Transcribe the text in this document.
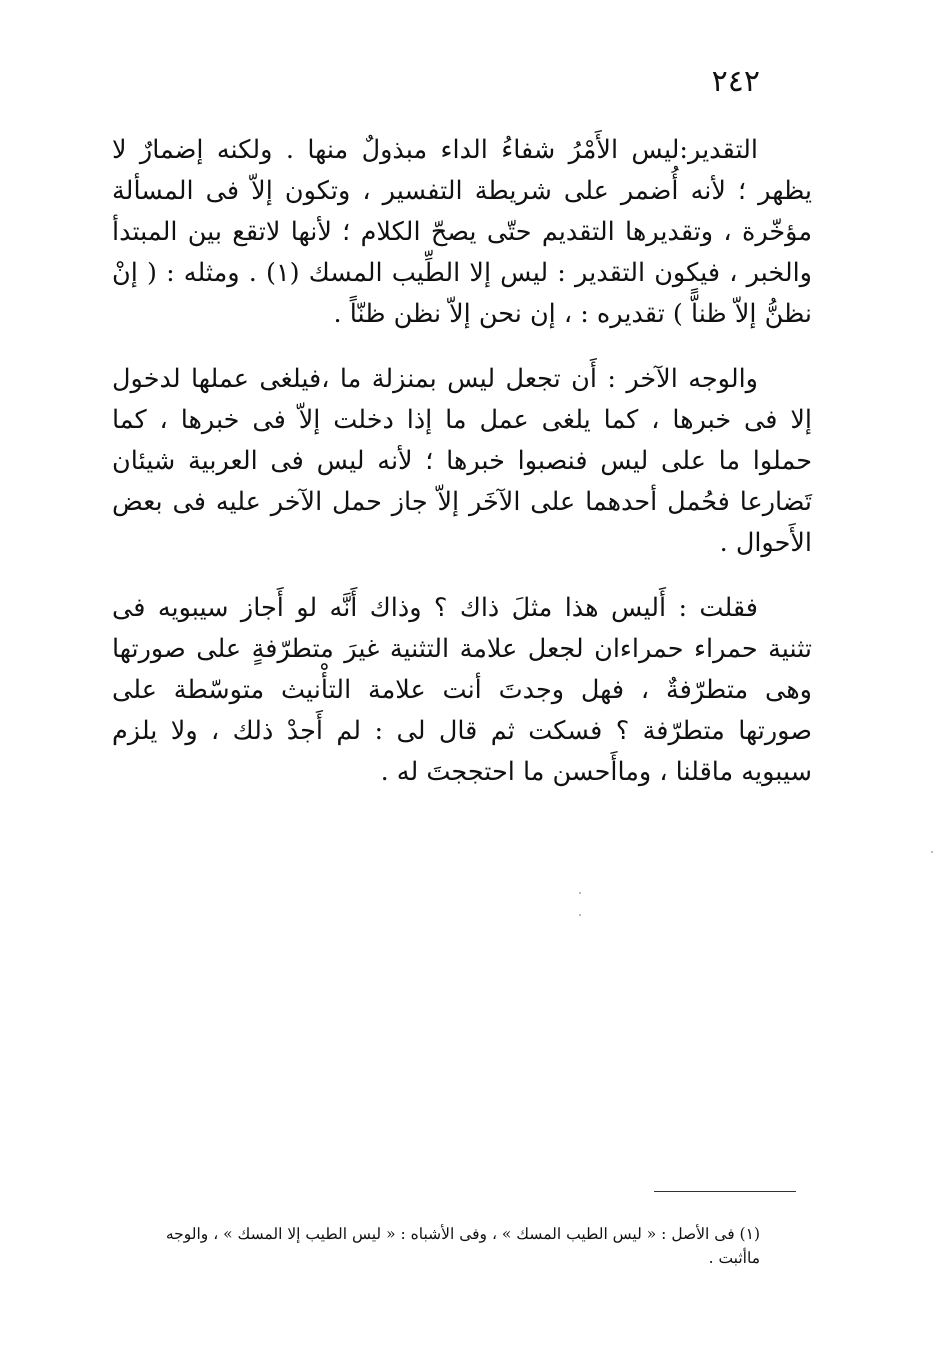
٢٤٢

التقدير:ليس الأَمْرُ شفاءُ الداء مبذولٌ منها . ولكنه إضمارٌ لا يظهر ؛ لأنه أُضمر على شريطة التفسير ، وتكون إلاّ فى المسألة مؤخّرة ، وتقديرها التقديم حتّى يصحّ الكلام ؛ لأنها لاتقع بين المبتدأ والخبر ، فيكون التقدير : ليس إلا الطِّيب المسك (١) . ومثله : ( إنْ نظنُّ إلاّ ظناًّ ) تقديره : ، إن نحن إلاّ نظن ظنّاً .

والوجه الآخر : أَن تجعل ليس بمنزلة ما ،فيلغى عملها لدخول إلا فى خبرها ، كما يلغى عمل ما إذا دخلت إلاّ فى خبرها ، كما حملوا ما على ليس فنصبوا خبرها ؛ لأنه ليس فى العربية شيئان تَضارعا فحُمل أحدهما على الآخَر إلاّ جاز حمل الآخر عليه فى بعض الأَحوال .

فقلت : أَليس هذا مثلَ ذاك ؟ وذاك أَنَّه لو أَجاز سيبويه فى تثنية حمراء حمراءان لجعل علامة التثنية غيرَ متطرّفةٍ على صورتها وهى متطرّفةٌ ، فهل وجدتَ أنت علامة التأْنيث متوسّطة على صورتها متطرّفة ؟ فسكت ثم قال لى : لم أَجدْ ذلك ، ولا يلزم سيبويه ماقلنا ، وماأَحسن ما احتججتَ له .

(١) فى الأصل : « ليس الطيب المسك » ، وفى الأشباه : « ليس الطيب إلا المسك » ، والوجه ماأثبت .
